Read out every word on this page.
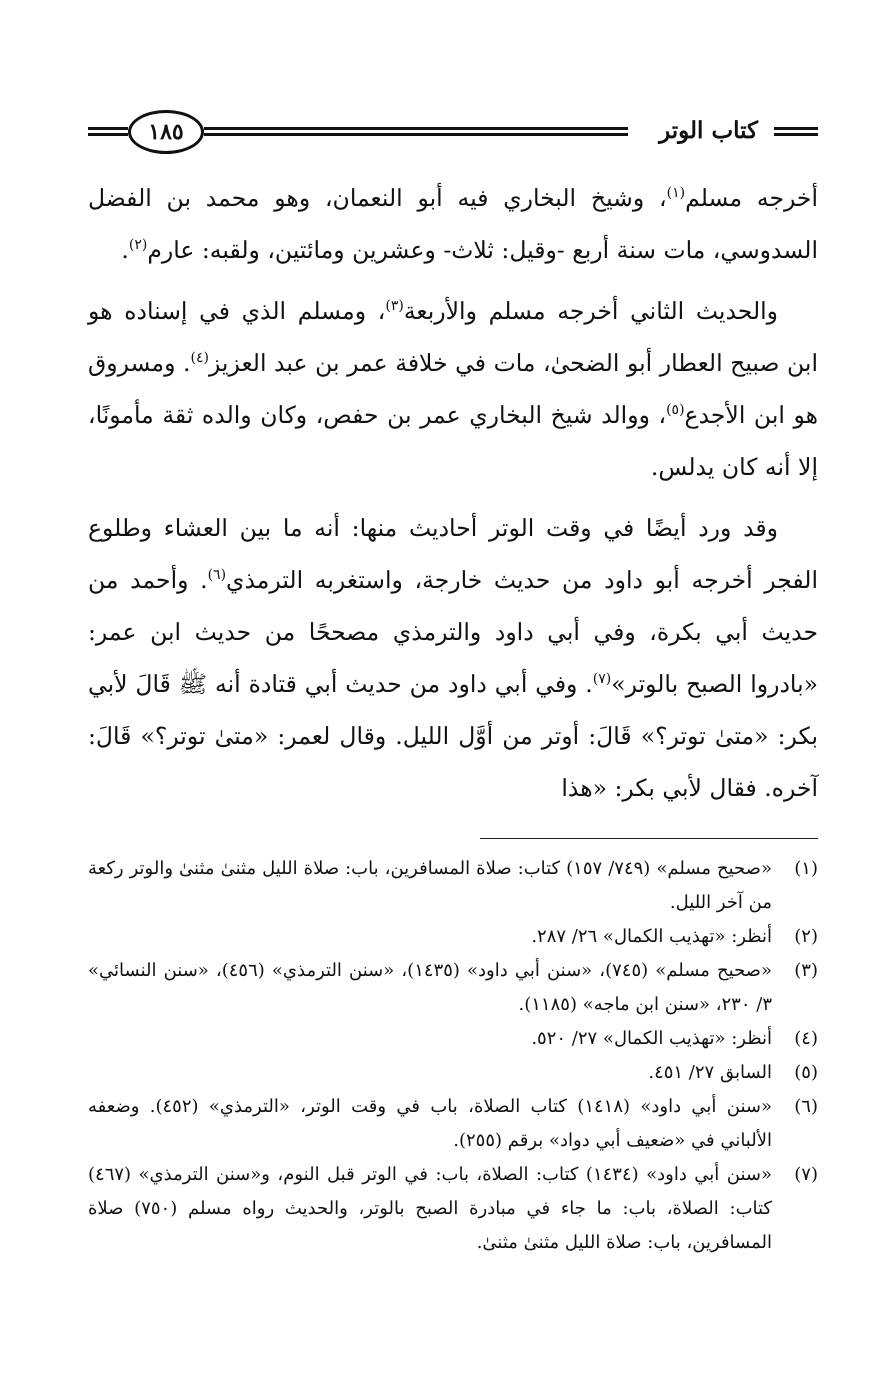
كتاب الوتر
١٨٥

أخرجه مسلم$^{(١)}$، وشيخ البخاري فيه أبو النعمان، وهو محمد بن الفضل السدوسي، مات سنة أربع -وقيل: ثلاث- وعشرين ومائتين، ولقبه: عارم$^{(٢)}$.

والحديث الثاني أخرجه مسلم والأربعة$^{(٣)}$، ومسلم الذي في إسناده هو ابن صبيح العطار أبو الضحىٰ، مات في خلافة عمر بن عبد العزيز$^{(٤)}$. ومسروق هو ابن الأجدع$^{(٥)}$، ووالد شيخ البخاري عمر بن حفص، وكان والده ثقة مأمونًا، إلا أنه كان يدلس.

وقد ورد أيضًا في وقت الوتر أحاديث منها: أنه ما بين العشاء وطلوع الفجر أخرجه أبو داود من حديث خارجة، واستغربه الترمذي$^{(٦)}$. وأحمد من حديث أبي بكرة، وفي أبي داود والترمذي مصححًا من حديث ابن عمر: «بادروا الصبح بالوتر»$^{(٧)}$. وفي أبي داود من حديث أبي قتادة أنه ﷺ قَالَ لأبي بكر: «متىٰ توتر؟» قَالَ: أوتر من أوَّل الليل. وقال لعمر: «متىٰ توتر؟» قَالَ: آخره. فقال لأبي بكر: «هذا

(١)
«صحيح مسلم» (٧٤٩/ ١٥٧) كتاب: صلاة المسافرين، باب: صلاة الليل مثنىٰ مثنىٰ والوتر ركعة من آخر الليل.
(٢)
أنظر: «تهذيب الكمال» ٢٦/ ٢٨٧.
(٣)
«صحيح مسلم» (٧٤٥)، «سنن أبي داود» (١٤٣٥)، «سنن الترمذي» (٤٥٦)، «سنن النسائي» ٣/ ٢٣٠، «سنن ابن ماجه» (١١٨٥).
(٤)
أنظر: «تهذيب الكمال» ٢٧/ ٥٢٠.
(٥)
السابق ٢٧/ ٤٥١.
(٦)
«سنن أبي داود» (١٤١٨) كتاب الصلاة، باب في وقت الوتر، «الترمذي» (٤٥٢). وضعفه الألباني في «ضعيف أبي دواد» برقم (٢٥٥).
(٧)
«سنن أبي داود» (١٤٣٤) كتاب: الصلاة، باب: في الوتر قبل النوم، و«سنن الترمذي» (٤٦٧) كتاب: الصلاة، باب: ما جاء في مبادرة الصبح بالوتر، والحديث رواه مسلم (٧٥٠) صلاة المسافرين، باب: صلاة الليل مثنىٰ مثنىٰ.
